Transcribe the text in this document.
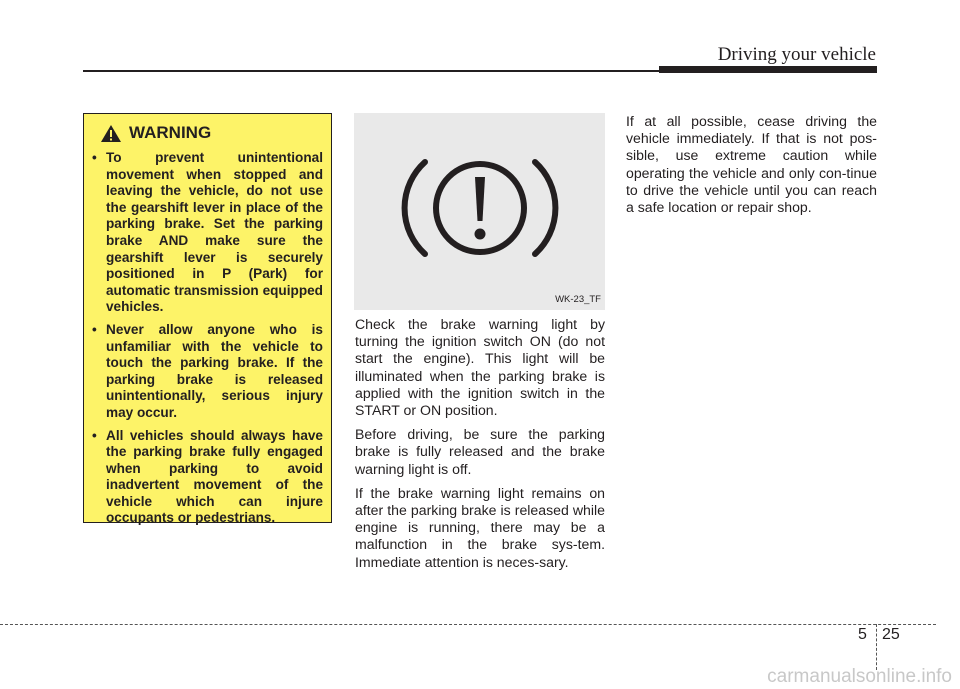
Driving your vehicle
WARNING
• To prevent unintentional movement when stopped and leaving the vehicle, do not use the gearshift lever in place of the parking brake. Set the parking brake AND make sure the gearshift lever is securely positioned in P (Park) for automatic transmission equipped vehicles.
• Never allow anyone who is unfamiliar with the vehicle to touch the parking brake. If the parking brake is released unintentionally, serious injury may occur.
• All vehicles should always have the parking brake fully engaged when parking to avoid inadvertent movement of the vehicle which can injure occupants or pedestrians.
WK-23_TF

Check the brake warning light by turning the ignition switch ON (do not start the engine). This light will be illuminated when the parking brake is applied with the ignition switch in the START or ON position.

Before driving, be sure the parking brake is fully released and the brake warning light is off.

If the brake warning light remains on after the parking brake is released while engine is running, there may be a malfunction in the brake sys-tem. Immediate attention is neces-sary.

If at all possible, cease driving the vehicle immediately. If that is not pos-sible, use extreme caution while operating the vehicle and only con-tinue to drive the vehicle until you can reach a safe location or repair shop.

5 25
carmanualsonline.info
